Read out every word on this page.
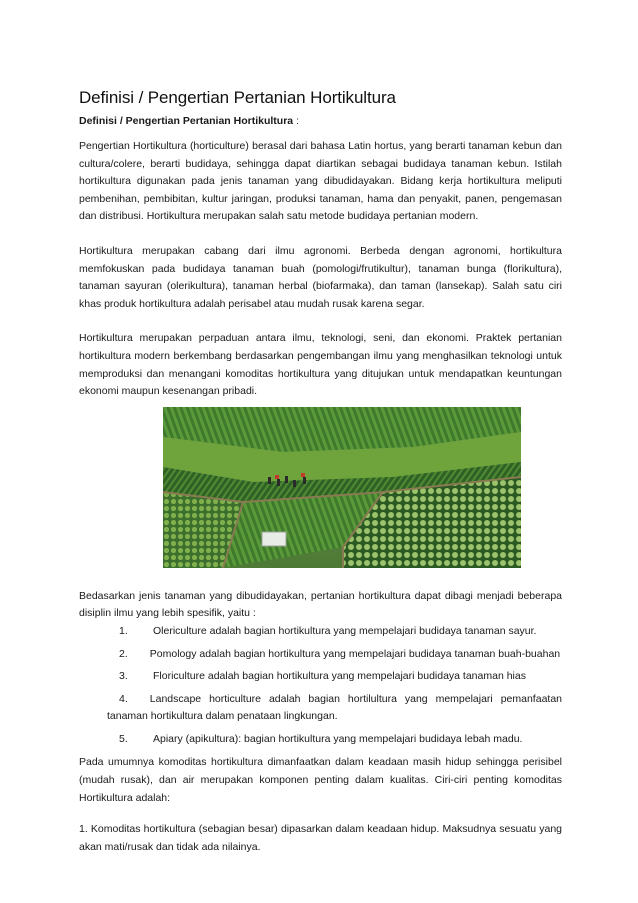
Definisi / Pengertian Pertanian Hortikultura
Definisi / Pengertian Pertanian Hortikultura :

Pengertian Hortikultura (horticulture) berasal dari bahasa Latin hortus, yang berarti tanaman kebun dan cultura/colere, berarti budidaya, sehingga dapat diartikan sebagai budidaya tanaman kebun. Istilah hortikultura digunakan pada jenis tanaman yang dibudidayakan. Bidang kerja hortikultura meliputi pembenihan, pembibitan, kultur jaringan, produksi tanaman, hama dan penyakit, panen, pengemasan dan distribusi. Hortikultura merupakan salah satu metode budidaya pertanian modern.

Hortikultura merupakan cabang dari ilmu agronomi. Berbeda dengan agronomi, hortikultura memfokuskan pada budidaya tanaman buah (pomologi/frutikultur), tanaman bunga (florikultura), tanaman sayuran (olerikultura), tanaman herbal (biofarmaka), dan taman (lansekap). Salah satu ciri khas produk hortikultura adalah perisabel atau mudah rusak karena segar.

Hortikultura merupakan perpaduan antara ilmu, teknologi, seni, dan ekonomi. Praktek pertanian hortikultura modern berkembang berdasarkan pengembangan ilmu yang menghasilkan teknologi untuk memproduksi dan menangani komoditas hortikultura yang ditujukan untuk mendapatkan keuntungan ekonomi maupun kesenangan pribadi.

Bedasarkan jenis tanaman yang dibudidayakan, pertanian hortikultura dapat dibagi menjadi beberapa disiplin ilmu yang lebih spesifik, yaitu :

1. Olericulture adalah bagian hortikultura yang mempelajari budidaya tanaman sayur.
2. Pomology adalah bagian hortikultura yang mempelajari budidaya tanaman buah-buahan
3. Floriculture adalah bagian hortikultura yang mempelajari budidaya tanaman hias
4. Landscape horticulture adalah bagian hortilultura yang mempelajari pemanfaatan tanaman hortikultura dalam penataan lingkungan.
5. Apiary (apikultura): bagian hortikultura yang mempelajari budidaya lebah madu.

Pada umumnya komoditas hortikultura dimanfaatkan dalam keadaan masih hidup sehingga perisibel (mudah rusak), dan air merupakan komponen penting dalam kualitas. Ciri-ciri penting komoditas Hortikultura adalah:

1. Komoditas hortikultura (sebagian besar) dipasarkan dalam keadaan hidup. Maksudnya sesuatu yang akan mati/rusak dan tidak ada nilainya.
